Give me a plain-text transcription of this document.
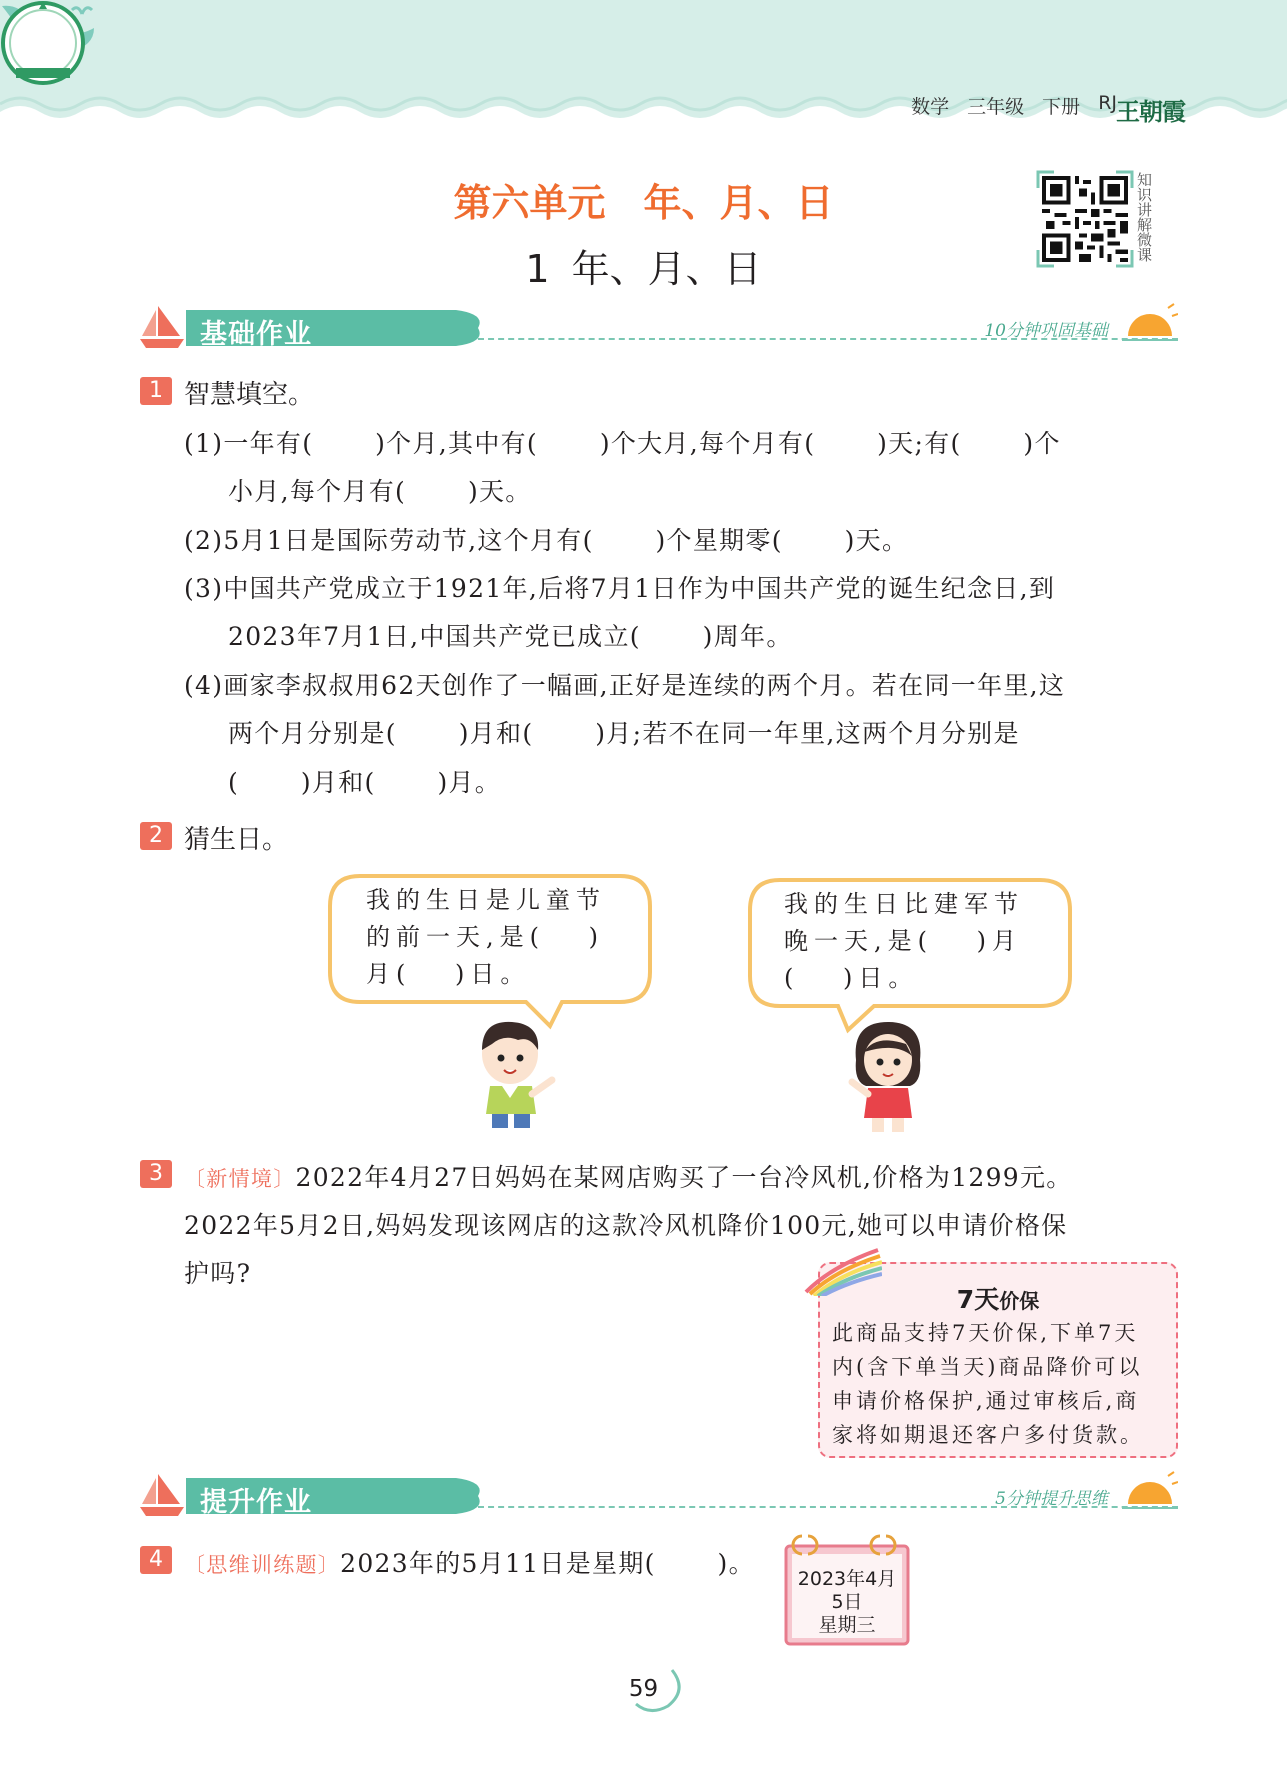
数学 三年级 下册 RJ 王朝霞
第六单元 年、月、日
1 年、月、日
知识讲解微课
基础作业	10分钟巩固基础
1 智慧填空。
(1)一年有(　　 )个月,其中有(　　 )个大月,每个月有(　　 )天;有(　　 )个
小月,每个月有(　　 )天。
(2)5月1日是国际劳动节,这个月有(　　 )个星期零(　　 )天。
(3)中国共产党成立于1921年,后将7月1日作为中国共产党的诞生纪念日,到
2023年7月1日,中国共产党已成立(　　 )周年。
(4)画家李叔叔用62天创作了一幅画,正好是连续的两个月。若在同一年里,这
两个月分别是(　　 )月和(　　 )月;若不在同一年里,这两个月分别是
(　　 )月和(　　 )月。
2 猜生日。
我的生日是儿童节
的前一天,是(　 )
月(　 )日。
我的生日比建军节
晚一天,是(　 )月
(　 )日。
3	〔新情境〕2022年4月27日妈妈在某网店购买了一台冷风机,价格为1299元。
2022年5月2日,妈妈发现该网店的这款冷风机降价100元,她可以申请价格保
护吗?
7天价保
此商品支持7天价保,下单7天
内(含下单当天)商品降价可以
申请价格保护,通过审核后,商
家将如期退还客户多付货款。
提升作业	5分钟提升思维
4	〔思维训练题〕2023年的5月11日是星期(　　 )。
2023年4月
5日
星期三
59
